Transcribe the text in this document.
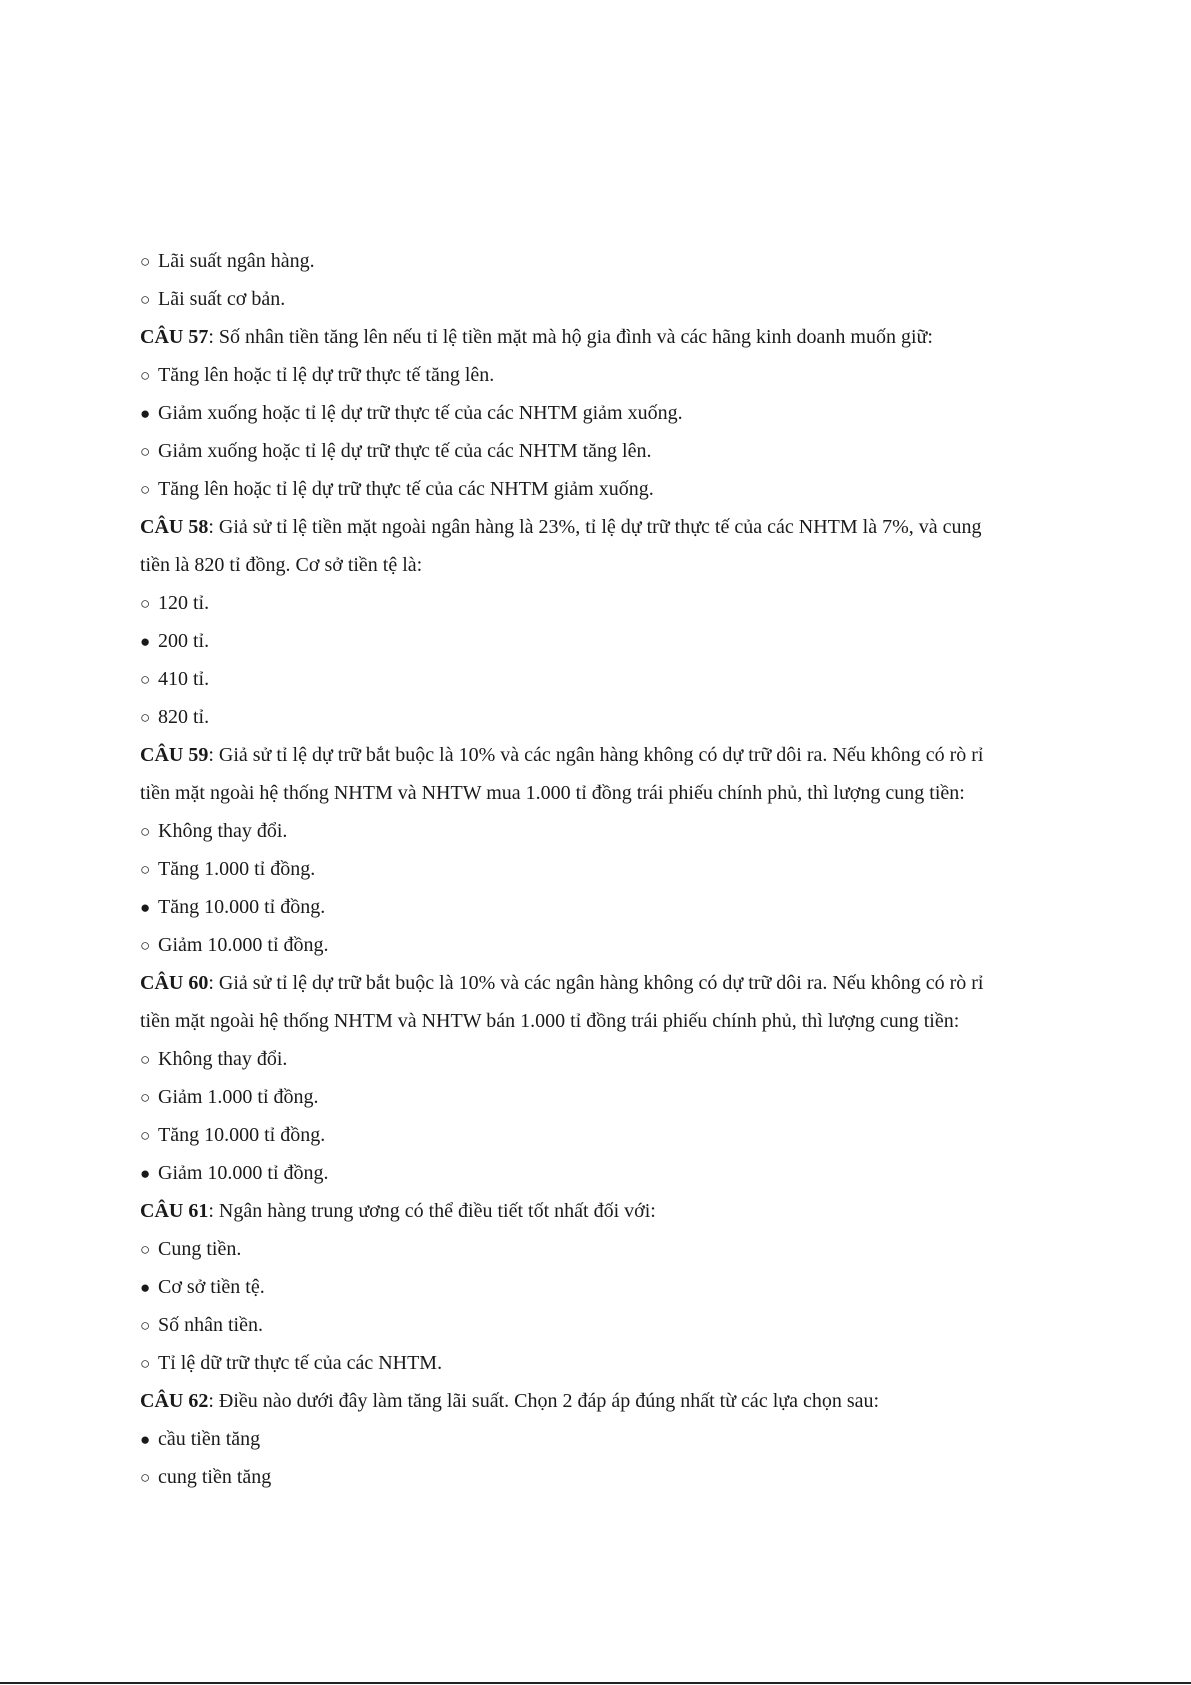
○ Lãi suất ngân hàng.
○ Lãi suất cơ bản.
CÂU 57: Số nhân tiền tăng lên nếu tỉ lệ tiền mặt mà hộ gia đình và các hãng kinh doanh muốn giữ:
○ Tăng lên hoặc tỉ lệ dự trữ thực tế tăng lên.
● Giảm xuống hoặc tỉ lệ dự trữ thực tế của các NHTM giảm xuống.
○ Giảm xuống hoặc tỉ lệ dự trữ thực tế của các NHTM tăng lên.
○ Tăng lên hoặc tỉ lệ dự trữ thực tế của các NHTM giảm xuống.
CÂU 58: Giả sử tỉ lệ tiền mặt ngoài ngân hàng là 23%, tỉ lệ dự trữ thực tế của các NHTM là 7%, và cung
tiền là 820 tỉ đồng. Cơ sở tiền tệ là:
○ 120 tỉ.
● 200 tỉ.
○ 410 tỉ.
○ 820 tỉ.
CÂU 59: Giả sử tỉ lệ dự trữ bắt buộc là 10% và các ngân hàng không có dự trữ dôi ra. Nếu không có rò rỉ
tiền mặt ngoài hệ thống NHTM và NHTW mua 1.000 tỉ đồng trái phiếu chính phủ, thì lượng cung tiền:
○ Không thay đổi.
○ Tăng 1.000 tỉ đồng.
● Tăng 10.000 tỉ đồng.
○ Giảm 10.000 tỉ đồng.
CÂU 60: Giả sử tỉ lệ dự trữ bắt buộc là 10% và các ngân hàng không có dự trữ dôi ra. Nếu không có rò rỉ
tiền mặt ngoài hệ thống NHTM và NHTW bán 1.000 tỉ đồng trái phiếu chính phủ, thì lượng cung tiền:
○ Không thay đổi.
○ Giảm 1.000 tỉ đồng.
○ Tăng 10.000 tỉ đồng.
● Giảm 10.000 tỉ đồng.
CÂU 61: Ngân hàng trung ương có thể điều tiết tốt nhất đối với:
○ Cung tiền.
● Cơ sở tiền tệ.
○ Số nhân tiền.
○ Tỉ lệ dữ trữ thực tế của các NHTM.
CÂU 62: Điều nào dưới đây làm tăng lãi suất. Chọn 2 đáp áp đúng nhất từ các lựa chọn sau:
● cầu tiền tăng
○ cung tiền tăng
